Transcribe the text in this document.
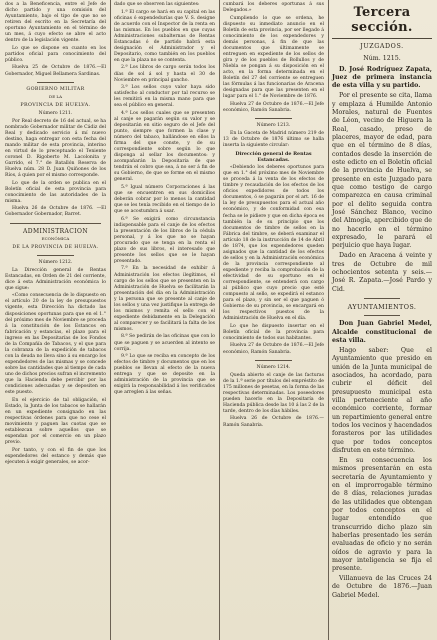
dos a la Beneficencia, entre el Jefe de dicho partido y una comisión del Ayuntamiento, bajo el tipo de que no se retiren del escrito en la Secretaría del oportuno Ayuntamiento en el término de un mes, á cuyo efecto se abre el acto dentro de la legislación vigente.

Lo que se dispone en cuanto en los partidos oficial para conocimiento del público.

Huelva 25 de Octubre de 1876.—El Gobernador, Miguel Bellamera Sardinas.

GOBIERNO MILITAR
DE LA
PROVINCIA DE HUELVA.
Número 1211.

Por Real decreto de 16 del actual, se ha nombrado Gobernador militar de Cádiz del Real y dedicado servicio á mí nuevo destino, haga entregar con esta fecha del mando militar de esta provincia, interino en virtud de lo preceptuado el Teniente coronel D. Rigoberto M. Lacolonita y Garrido, el 7.° de Batallón Reserva de Huelva núm. 28 D. Juan Quiñones de los Ríos, á quien por el mismo corresponde.

Lo que de la orden se publica en el Boletín oficial de esta provincia para conocimiento de las autoridades de la misma.

Huelva 26 de Octubre de 1876. —El Gobernador Gobernador, Barret.

ADMINISTRACION
ECONÓMICA
DE LA PROVINCIA DE HUELVA.
Número 1212.

La Dirección general de Rentas Estancadas, en Orden de 21 del corriente, dice á esta Administración económica lo que sigue:

«Como consecuencia de lo dispuesto en el artículo 20 de la ley de presupuestos vigente, esta Dirección ha dictado las disposiciones oportunas para que en el 1.° del próximo mes de Noviembre se proceda á la constitución de los Estancos en fabricación y estancias, el plazo para el ingreso en las Depositarías de los Fondos de la Compañía de Tabacos, y el que para la cobranza de la expedición de tabacos con la deuda no lleva sino á su encargo los expendedores de las mismas y se concede sobre las cantidades que al tiempo de cada uno de dichos precios sufran el incremento que la Hacienda debe percibir por las condiciones adecuadas y se depositen en este puesto.

En el ejercicio de tal obligación, el Estado, la Junta de los tabacos se hallarán en un expediente consignado en las respectivas órdenes para que no cese el movimiento y paguen las cuotas que se establezcan sobre aquellos que se expendan por el comercio en un plazo previo.

Por tanto, y con el fin de que los expendedores del estanco y demás que ejecuten á exigir generales, se acor-

dado que se observen las siguientes:

1.ª El cargo se hará en su capital en las oficinas ó expendedurías que V. S. designe de acuerdo con el Inspector de la renta en las mismas. En los pueblos en que cuyas Administraciones subalternas de Rentas Estancadas ó de partido habrá esta designación el Administrador y el Depositario, como también en los pueblos en que la plaza no se contenta.

2.ª Los libros de cargo serán todos los días de sol á sol y hasta el 30 de Noviembre en principal gancho.

3.ª Los sellos cuyo valor haya sido satisfecho al conductor por tal recurso se les remitirá en la misma mano para que sea el público en general.

4.ª Los sellos cuales que se presenten al canje se pagarán según su valor y se depositarán en sitio seguro de el Jefe del punto, siempre que formen la clase y número del tabaco, hallándose en ellos la firma del que conste, y de su correspondiente sobre según lo que disponga al sellar los documentos: y acompañarán la Depositaria de que tendrán el cobro que sea, á no ser á fin de su Gobierno, de que se forme en el mismo general.

5.ª Igual número Corporaciones á las que se encuentren en sus domicilios deberán cobrar por lo menos la cantidad que se les tenía recibido en el tiempo de lo que se acostumbra á usar.

6.ª Se exigirá como circunstancia indispensable para el canje de los efectos la presentación de los libros de la cédula personal, y á los que no se hayan procurado que se tenga en la renta el plazo de sus libros, el interesado que presente los sellos que se le hayan presentado.

7.ª En la necesidad de exhibir á Administración los efectos ilegítimos, el cargo de los sellos que se presenten en la Administración de Huelva se facilitarán la presentación del día en la Administración y la persona que se presente al canje de los sellos y una vez justifique la entrega de los mismos y remita el sello con el expediente debidamente en la Delegación al comparecer y se facilitará la falta de los mismos.

8.ª Se pedirán de las oficinas que con lo que se paguen y se acuerden al intento se corrija.

9.ª Lo que se reciba en concepto de los efectos de timbre y documentos que en los pueblos se llevan al efecto de la nueva entrega y que se deposite en la administración de la provincia que se exigirá la responsabilidad á los verificados que arreglen á las señas.

cumbará los deberes oportunas á sus Delegados.»

Cumpliendo lo que se ordena, he dispuesto su inmediato anuncio en el Boletín de esta provincia, por ser llegado á conocimiento de los expendedores y demás personas, á fin de que las documentos que últimamente se entreguen en expediente de los sellos de gira y de los pueblos de Bollullos y de Niebla se pongan á su disposición en el acto, en la forma determinada en el Boletín del 27 del corriente se entreguen las fórmulas á las funcionarias de Aracena designadas para que las presenten en el lugar para el 1.° de Noviembre de 1876.

Huelva 27 de Octubre de 1876.—El Jefe económico, Ramón Sanabria.

Número 1213.

En la Gaceta de Madrid número 219 de 13 de Octubre de 1876 último se halla inserta la siguiente circular:

Dirección general de Rentas Estancadas.

«Debiendo los deberes oportunos para que en 1.° del próximo mes de Noviembre se proceda á la venta de los efectos de timbre y recaudación de los efectos de los oficios expedidores de todos los documentos, ó se pagarán por el art. 16 de la ley de presupuestos para el actual año económico, y de conformidad con esa fecha se le pidiere y que en dicha época es también la de su principio que los documentos de timbre de sellos en la Fábrica del timbre, se deberá examinar el artículo 18 de la instrucción de 14 de Abril de 1874, que los expendedores queden asignados que la cantidad de los efectos de sellos y en la Administración económica de la provincia correspondiente al expediente y reciba la comprobación de la efectividad de su oportuno en el correspondiente, se entenderá con cargo al público que cuyo precio que esté compuesto al sello, se expedirá el estanco para el plazo, y sin ser el que paguen ó Gobierno de su provincia, se encargará en los respectivos puestos de la Administración de Huelva en el día.

Lo que he dispuesto insertar en el Boletín oficial de la provincia para conocimiento de todos sus habitantes.

Huelva 27 de Octubre de 1876.—El Jefe económico, Ramón Sanabria.

Número 1214.

Queda abierto el canje de las facturas de la 1.ª serie por títulos del empréstito de 175 millones de pesetas, en la forma de las respectivas determinadas. Los poseedores pueden hacerlo en la Depositaría de Hacienda pública desde las 10 á las 2 de la tarde, dentro de los días hábiles.

Huelva 26 de Octubre de 1876.—Ramón Sanabria.

Tercera sección.
JUZGADOS.
Núm. 1215.

D. José Rodríguez Zapata, Juez de primera instancia de esta villa y su partido.

Por el presente se cita, llama y emplaza á Humilde Antonio Morales, natural de Fuentes de Léon, vecino de Higuera la Real, casado, preso de placeres, mayor de edad, para que en el término de 8 días, contados desde la inserción de este edicto en el Boletín oficial de la provincia de Huelva, se presente en este Juzgado para que como testigo de cargo comparezca en causa criminal por el delito seguida contra José Sánchez Blanco, vecino del Almogía, apercibido que de no hacerlo en el término expresado, le parará el perjuicio que haya lugar.

Dado en Aracena á veinte y tres de Octubre de mil ochocientos setenta y seis.—José R. Zapata.—José Pardo y Cid.

AYUNTAMIENTOS.

Don Juan Gabriel Medel, Alcalde constitucional de esta villa.

Hago saber: Que el Ayuntamiento que presido en unión de la Junta municipal de asociados, ha acordado, para cubrir el déficit del presupuesto municipal esta villa perteneciente al año económico corriente, formar un repartimiento general entre todos los vecinos y hacendados forasteros por las utilidades que por todos conceptos disfruten en este término.

En su consecuencia los mismos presentarán en esta secretaría de Ayuntamiento y en el improrrogable término de 8 días, relaciones juradas de las utilidades que obtengan por todos conceptos en el lugar entendido que transcurrido dicho plazo sin haberlas presentado les serán evaluadas de oficio y no serán oídos de agravio y para la mayor inteligencia se fija el presente.

Villanueva de las Cruces 24 de Octubre de 1876.—Juan Gabriel Medel.
